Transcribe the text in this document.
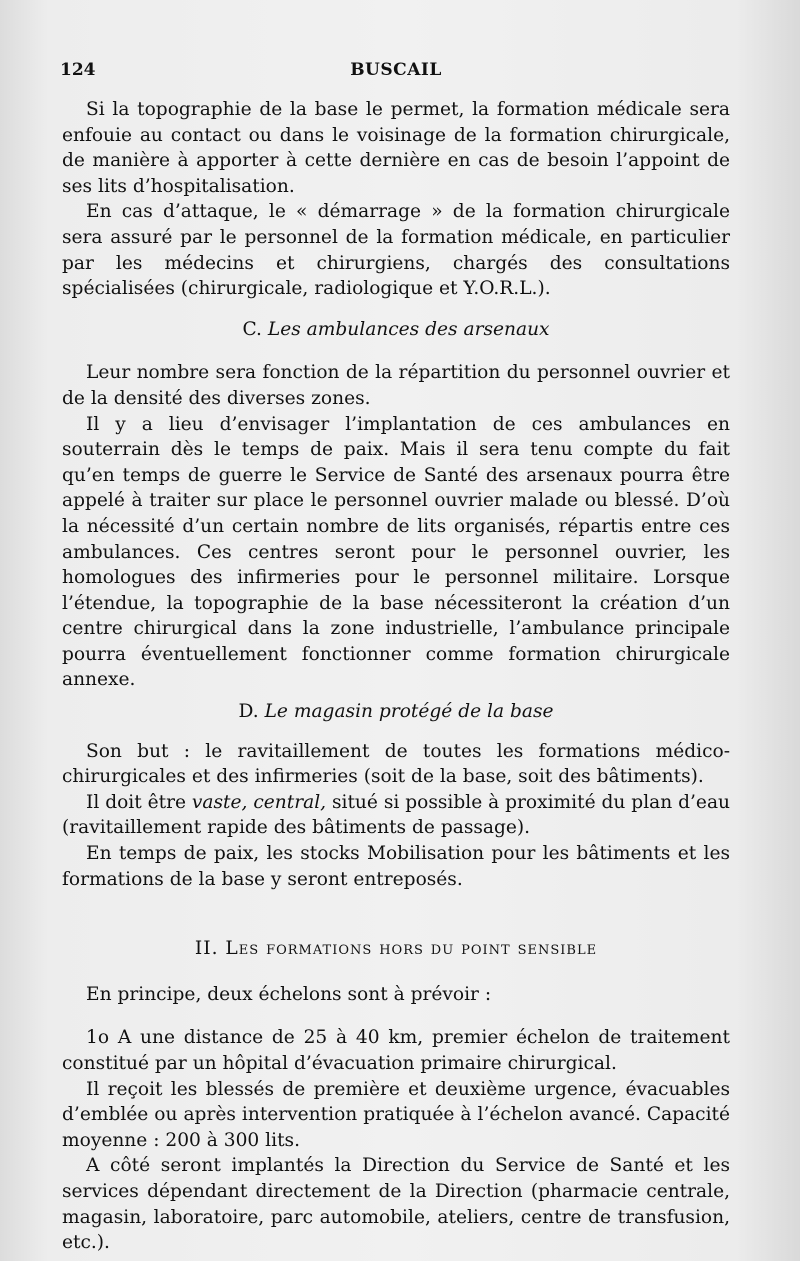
124	BUSCAIL

Si la topographie de la base le permet, la formation médicale sera enfouie au contact ou dans le voisinage de la formation chirurgicale, de manière à apporter à cette dernière en cas de besoin l’appoint de ses lits d’hospitalisation.

En cas d’attaque, le « démarrage » de la formation chirurgicale sera assuré par le personnel de la formation médicale, en particulier par les médecins et chirurgiens, chargés des consultations spécialisées (chirurgicale, radiologique et Y.O.R.L.).

C. Les ambulances des arsenaux

Leur nombre sera fonction de la répartition du personnel ouvrier et de la densité des diverses zones.

Il y a lieu d’envisager l’implantation de ces ambulances en souterrain dès le temps de paix. Mais il sera tenu compte du fait qu’en temps de guerre le Service de Santé des arsenaux pourra être appelé à traiter sur place le personnel ouvrier malade ou blessé. D’où la nécessité d’un certain nombre de lits organisés, répartis entre ces ambulances. Ces centres seront pour le personnel ouvrier, les homologues des infirmeries pour le personnel militaire. Lorsque l’étendue, la topographie de la base nécessiteront la création d’un centre chirurgical dans la zone industrielle, l’ambulance principale pourra éventuellement fonctionner comme formation chirurgicale annexe.

D. Le magasin protégé de la base

Son but : le ravitaillement de toutes les formations médico-chirurgicales et des infirmeries (soit de la base, soit des bâtiments).

Il doit être vaste, central, situé si possible à proximité du plan d’eau (ravitaillement rapide des bâtiments de passage).

En temps de paix, les stocks Mobilisation pour les bâtiments et les formations de la base y seront entreposés.

II. Les formations hors du point sensible

En principe, deux échelons sont à prévoir :

1o A une distance de 25 à 40 km, premier échelon de traitement constitué par un hôpital d’évacuation primaire chirurgical.

Il reçoit les blessés de première et deuxième urgence, évacuables d’emblée ou après intervention pratiquée à l’échelon avancé. Capacité moyenne : 200 à 300 lits.

A côté seront implantés la Direction du Service de Santé et les services dépendant directement de la Direction (pharmacie centrale, magasin, laboratoire, parc automobile, ateliers, centre de transfusion, etc.).
